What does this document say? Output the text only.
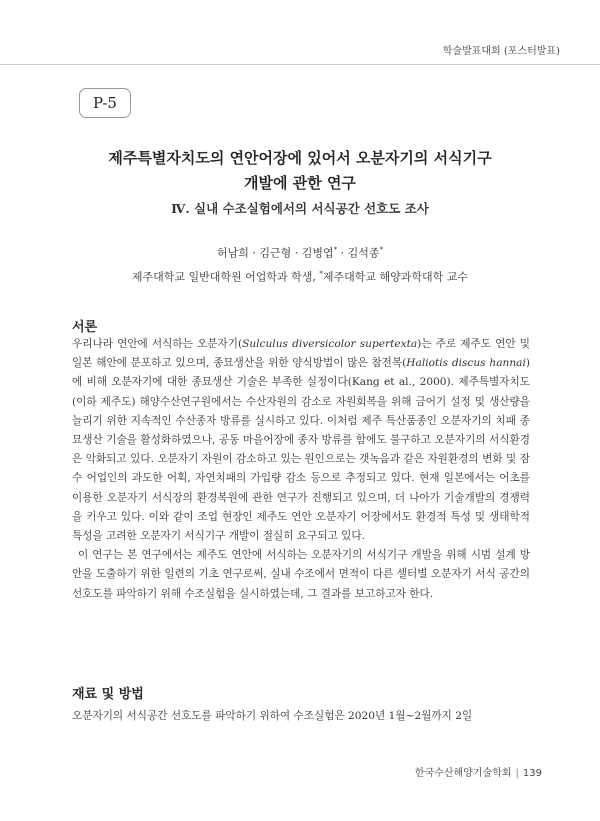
학술발표대회 (포스터발표)
P-5
제주특별자치도의 연안어장에 있어서 오분자기의 서식기구
개발에 관한 연구
Ⅳ. 실내 수조실험에서의 서식공간 선호도 조사
허남희 · 김근형 · 김병엽* · 김석종*
제주대학교 일반대학원 어업학과 학생, *제주대학교 해양과학대학 교수
서론

우리나라 연안에 서식하는 오분자기(Sulculus diversicolor supertexta)는 주로 제주도 연안 및 일본 해안에 분포하고 있으며, 종묘생산을 위한 양식방법이 많은 참전복(Haliotis discus hannai)에 비해 오분자기에 대한 종묘생산 기술은 부족한 실정이다(Kang et al., 2000). 제주특별자치도(이하 제주도) 해양수산연구원에서는 수산자원의 감소로 자원회복을 위해 금어기 설정 및 생산량을 늘리기 위한 지속적인 수산종자 방류를 실시하고 있다. 이처럼 제주 특산품종인 오분자기의 치패 종묘생산 기술을 활성화하였으나, 공동 마을어장에 종자 방류를 함에도 불구하고 오분자기의 서식환경은 악화되고 있다. 오분자기 자원이 감소하고 있는 원인으로는 갯녹음과 같은 자원환경의 변화 및 잠수 어업인의 과도한 어획, 자연치패의 가입량 감소 등으로 추정되고 있다. 현재 일본에서는 어초를 이용한 오분자기 서식장의 환경복원에 관한 연구가 진행되고 있으며, 더 나아가 기술개발의 경쟁력을 키우고 있다. 이와 같이 조업 현장인 제주도 연안 오분자기 어장에서도 환경적 특성 및 생태학적 특성을 고려한 오분자기 서식기구 개발이 절실히 요구되고 있다.

이 연구는 본 연구에서는 제주도 연안에 서식하는 오분자기의 서식기구 개발을 위해 시범 설계 방안을 도출하기 위한 일련의 기초 연구로써, 실내 수조에서 면적이 다른 셀터별 오분자기 서식 공간의 선호도를 파악하기 위해 수조실험을 실시하였는데, 그 결과를 보고하고자 한다.

재료 및 방법

오분자기의 서식공간 선호도를 파악하기 위하여 수조실험은 2020년 1월~2월까지 2일

한국수산해양기술학회 | 139
